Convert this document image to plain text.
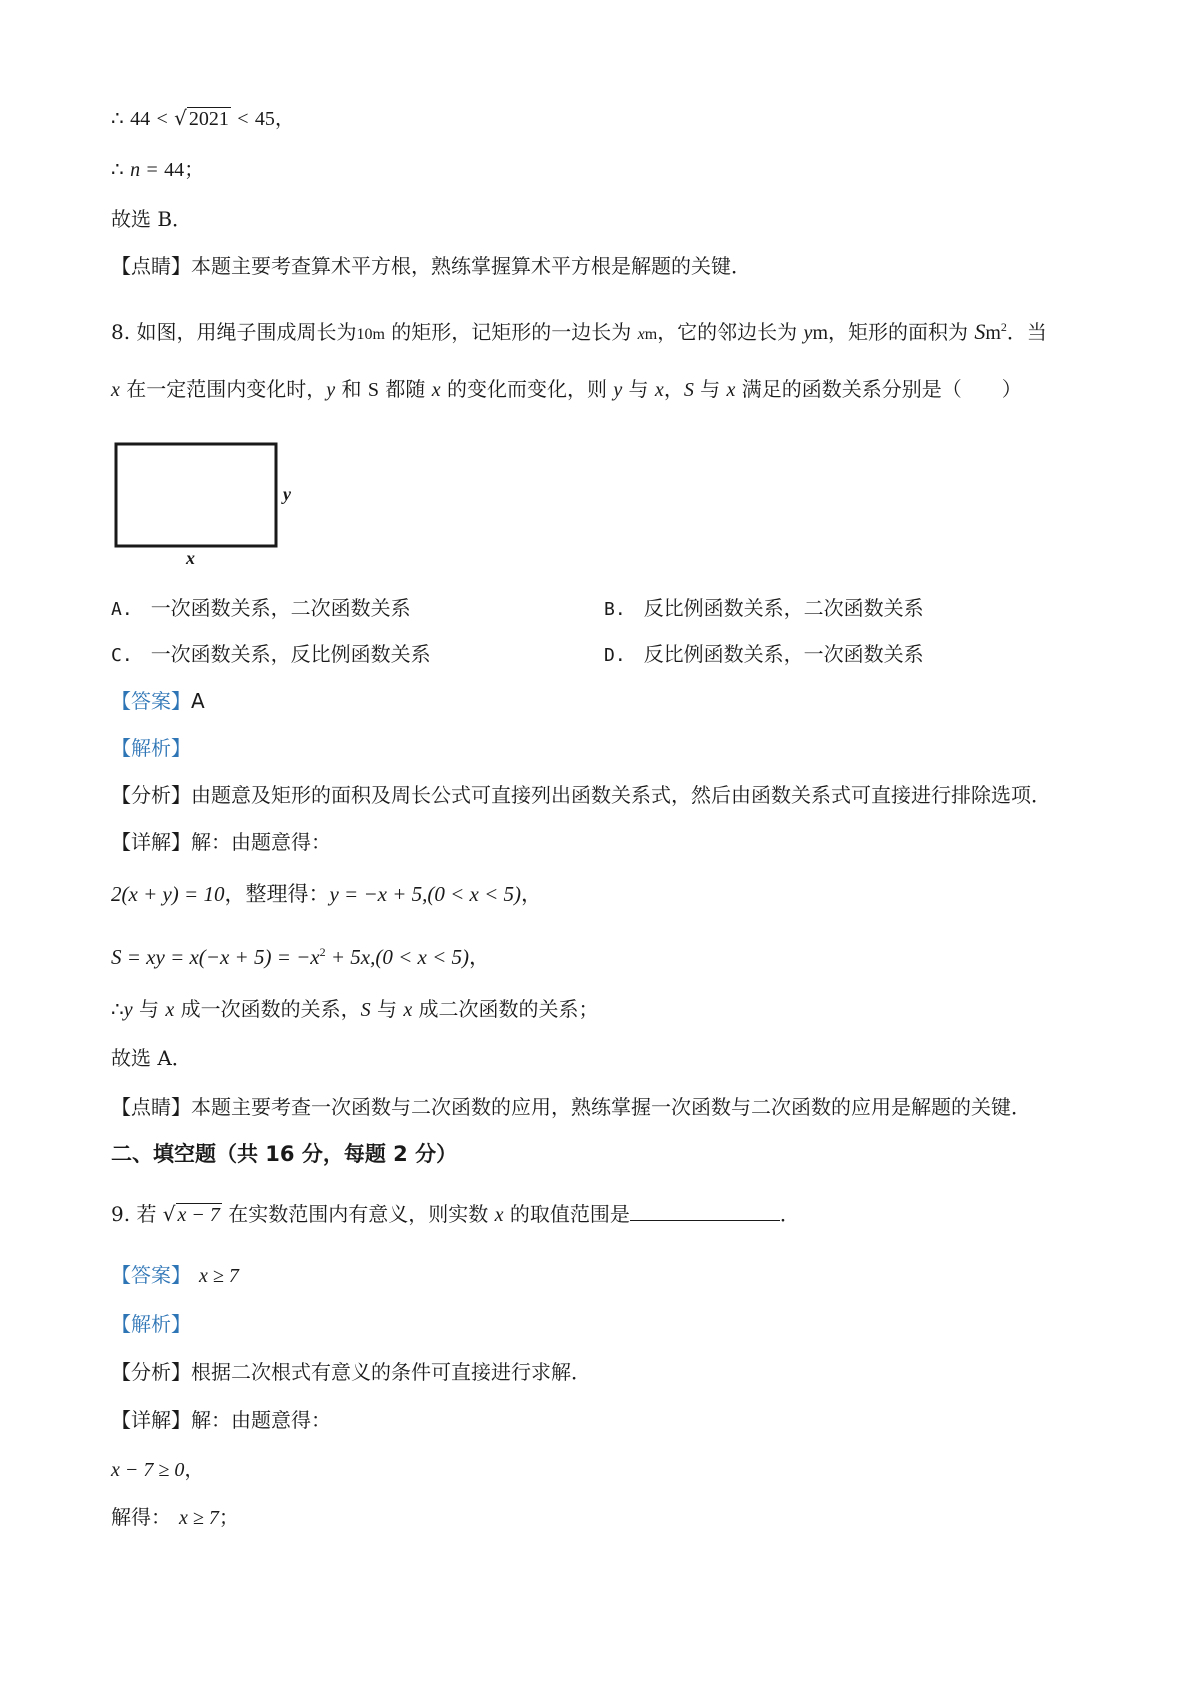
∴ 44 < √ 2021 < 45，
∴ n = 44；
故选 B．
【点睛】本题主要考查算术平方根，熟练掌握算术平方根是解题的关键．
8. 如图，用绳子围成周长为10m 的矩形，记矩形的一边长为 xm，它的邻边长为 ym，矩形的面积为 Sm$^2$．当
x 在一定范围内变化时，y 和 S 都随 x 的变化而变化，则 y 与 x，S 与 x 满足的函数关系分别是（　　）
y
x
A. 一次函数关系，二次函数关系	B. 反比例函数关系，二次函数关系
C. 一次函数关系，反比例函数关系	D. 反比例函数关系，一次函数关系
【答案】A
【解析】
【分析】由题意及矩形的面积及周长公式可直接列出函数关系式，然后由函数关系式可直接进行排除选项．
【详解】解：由题意得：
2(x + y) = 10，整理得：y = −x + 5,(0 < x < 5)，
S = xy = $x(-x + 5) = -x^2 + 5x,(0 < x < 5)$，
∴y 与 x 成一次函数的关系，S 与 x 成二次函数的关系；
故选 A．
【点睛】本题主要考查一次函数与二次函数的应用，熟练掌握一次函数与二次函数的应用是解题的关键．
二、填空题（共 16 分，每题 2 分）
9. 若 √ x − 7 在实数范围内有意义，则实数 x 的取值范围是	．
【答案】 x ≥ 7
【解析】
【分析】根据二次根式有意义的条件可直接进行求解．
【详解】解：由题意得：
x − 7 ≥ 0，
解得： x ≥ 7；
